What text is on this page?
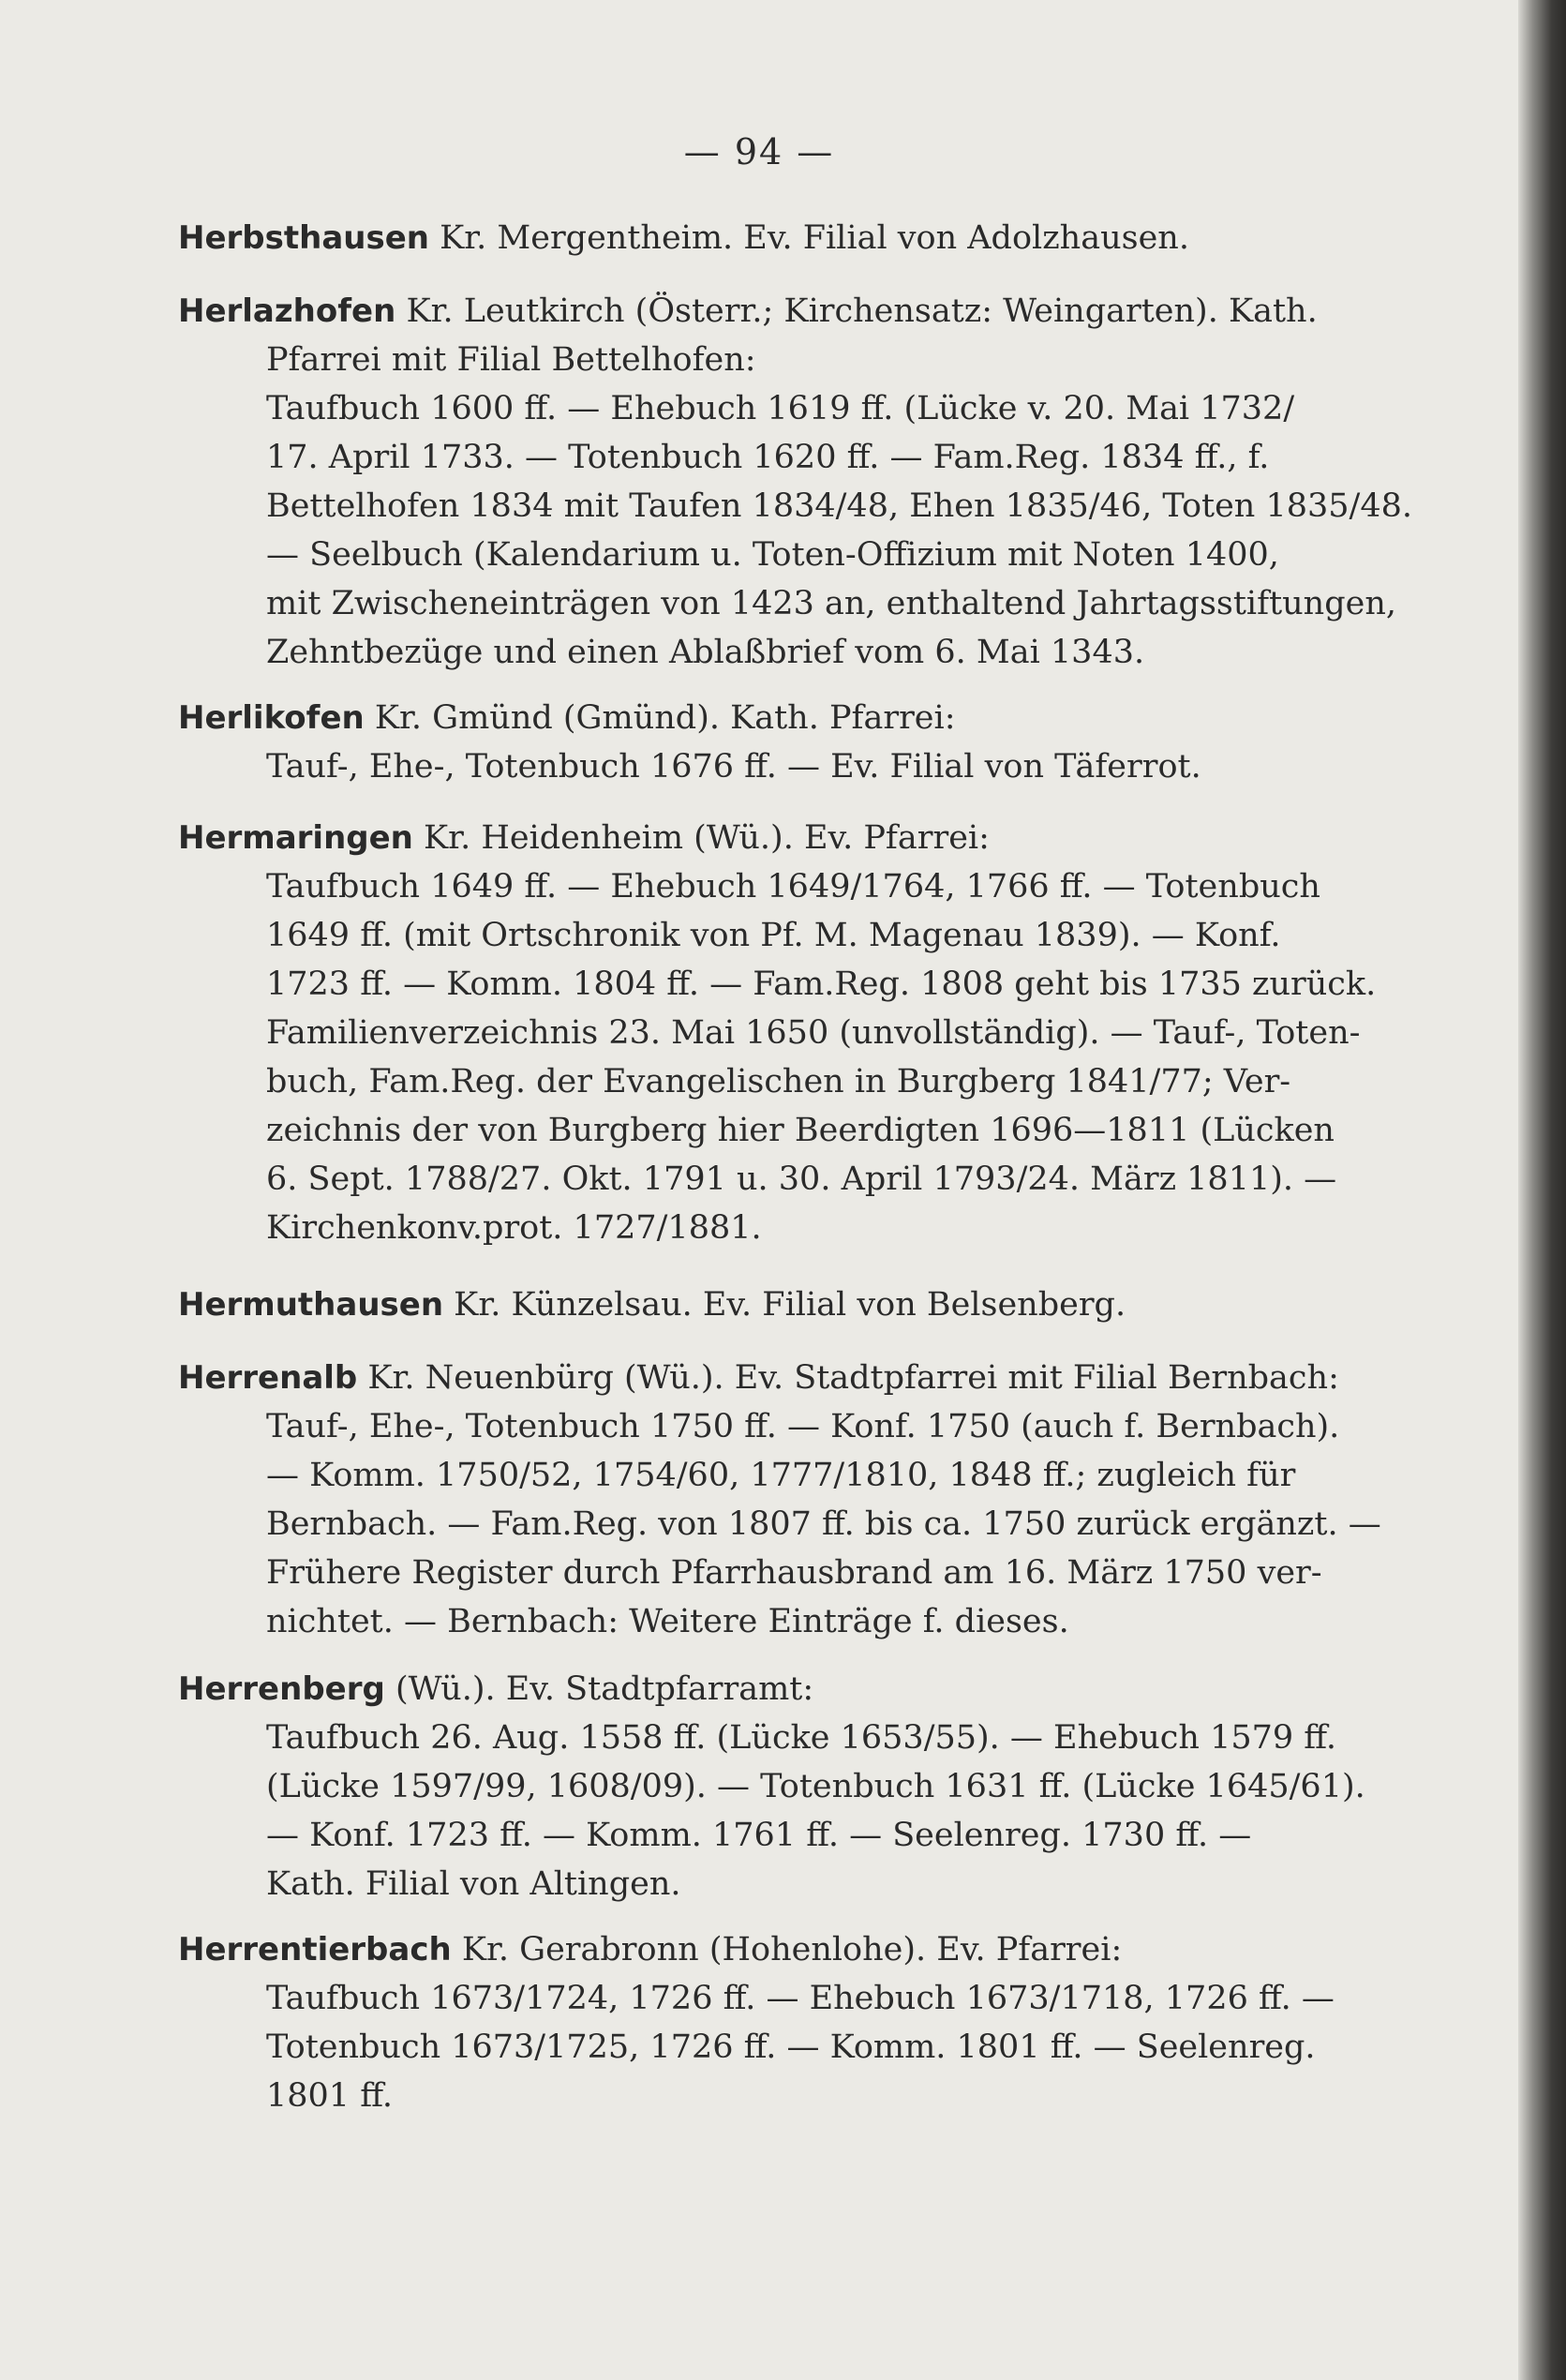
— 94 —

Herbsthausen Kr. Mergentheim. Ev. Filial von Adolzhausen.

Herlazhofen Kr. Leutkirch (Österr.; Kirchensatz: Weingarten). Kath.

Pfarrei mit Filial Bettelhofen:

Taufbuch 1600 ff. — Ehebuch 1619 ff. (Lücke v. 20. Mai 1732/

17. April 1733. — Totenbuch 1620 ff. — Fam.Reg. 1834 ff., f.

Bettelhofen 1834 mit Taufen 1834/48, Ehen 1835/46, Toten 1835/48.

— Seelbuch (Kalendarium u. Toten-Offizium mit Noten 1400,

mit Zwischeneinträgen von 1423 an, enthaltend Jahrtagsstiftungen,

Zehntbezüge und einen Ablaßbrief vom 6. Mai 1343.

Herlikofen Kr. Gmünd (Gmünd). Kath. Pfarrei:

Tauf-, Ehe-, Totenbuch 1676 ff. — Ev. Filial von Täferrot.

Hermaringen Kr. Heidenheim (Wü.). Ev. Pfarrei:

Taufbuch 1649 ff. — Ehebuch 1649/1764, 1766 ff. — Totenbuch

1649 ff. (mit Ortschronik von Pf. M. Magenau 1839). — Konf.

1723 ff. — Komm. 1804 ff. — Fam.Reg. 1808 geht bis 1735 zurück.

Familienverzeichnis 23. Mai 1650 (unvollständig). — Tauf-, Toten-

buch, Fam.Reg. der Evangelischen in Burgberg 1841/77; Ver-

zeichnis der von Burgberg hier Beerdigten 1696—1811 (Lücken

6. Sept. 1788/27. Okt. 1791 u. 30. April 1793/24. März 1811). —

Kirchenkonv.prot. 1727/1881.

Hermuthausen Kr. Künzelsau. Ev. Filial von Belsenberg.

Herrenalb Kr. Neuenbürg (Wü.). Ev. Stadtpfarrei mit Filial Bernbach:

Tauf-, Ehe-, Totenbuch 1750 ff. — Konf. 1750 (auch f. Bernbach).

— Komm. 1750/52, 1754/60, 1777/1810, 1848 ff.; zugleich für

Bernbach. — Fam.Reg. von 1807 ff. bis ca. 1750 zurück ergänzt. —

Frühere Register durch Pfarrhausbrand am 16. März 1750 ver-

nichtet. — Bernbach: Weitere Einträge f. dieses.

Herrenberg (Wü.). Ev. Stadtpfarramt:

Taufbuch 26. Aug. 1558 ff. (Lücke 1653/55). — Ehebuch 1579 ff.

(Lücke 1597/99, 1608/09). — Totenbuch 1631 ff. (Lücke 1645/61).

— Konf. 1723 ff. — Komm. 1761 ff. — Seelenreg. 1730 ff. —

Kath. Filial von Altingen.

Herrentierbach Kr. Gerabronn (Hohenlohe). Ev. Pfarrei:

Taufbuch 1673/1724, 1726 ff. — Ehebuch 1673/1718, 1726 ff. —

Totenbuch 1673/1725, 1726 ff. — Komm. 1801 ff. — Seelenreg.

1801 ff.
